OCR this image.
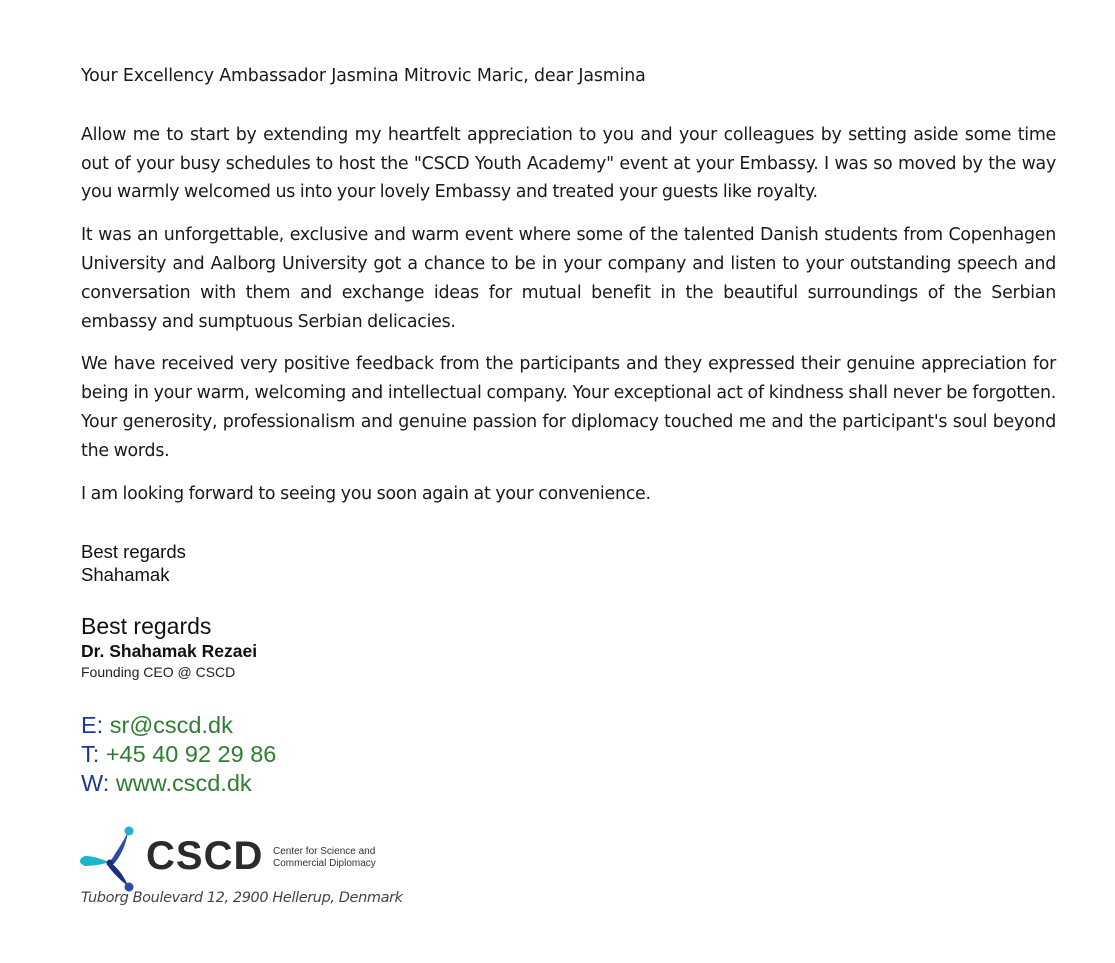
Your Excellency Ambassador Jasmina Mitrovic Maric, dear Jasmina

Allow me to start by extending my heartfelt appreciation to you and your colleagues by setting aside some time out of your busy schedules to host the "CSCD Youth Academy" event at your Embassy. I was so moved by the way you warmly welcomed us into your lovely Embassy and treated your guests like royalty.

It was an unforgettable, exclusive and warm event where some of the talented Danish students from Copenhagen University and Aalborg University got a chance to be in your company and listen to your outstanding speech and conversation with them and exchange ideas for mutual benefit in the beautiful surroundings of the Serbian embassy and sumptuous Serbian delicacies.

We have received very positive feedback from the participants and they expressed their genuine appreciation for being in your warm, welcoming and intellectual company. Your exceptional act of kindness shall never be forgotten. Your generosity, professionalism and genuine passion for diplomacy touched me and the participant's soul beyond the words.

I am looking forward to seeing you soon again at your convenience.

Best regards
Shahamak
Best regards
Dr. Shahamak Rezaei
Founding CEO @ CSCD
E: sr@cscd.dk
T: +45 40 92 29 86
W: www.cscd.dk
CSCD Center for Science and
Commercial Diplomacy
Tuborg Boulevard 12, 2900 Hellerup, Denmark
